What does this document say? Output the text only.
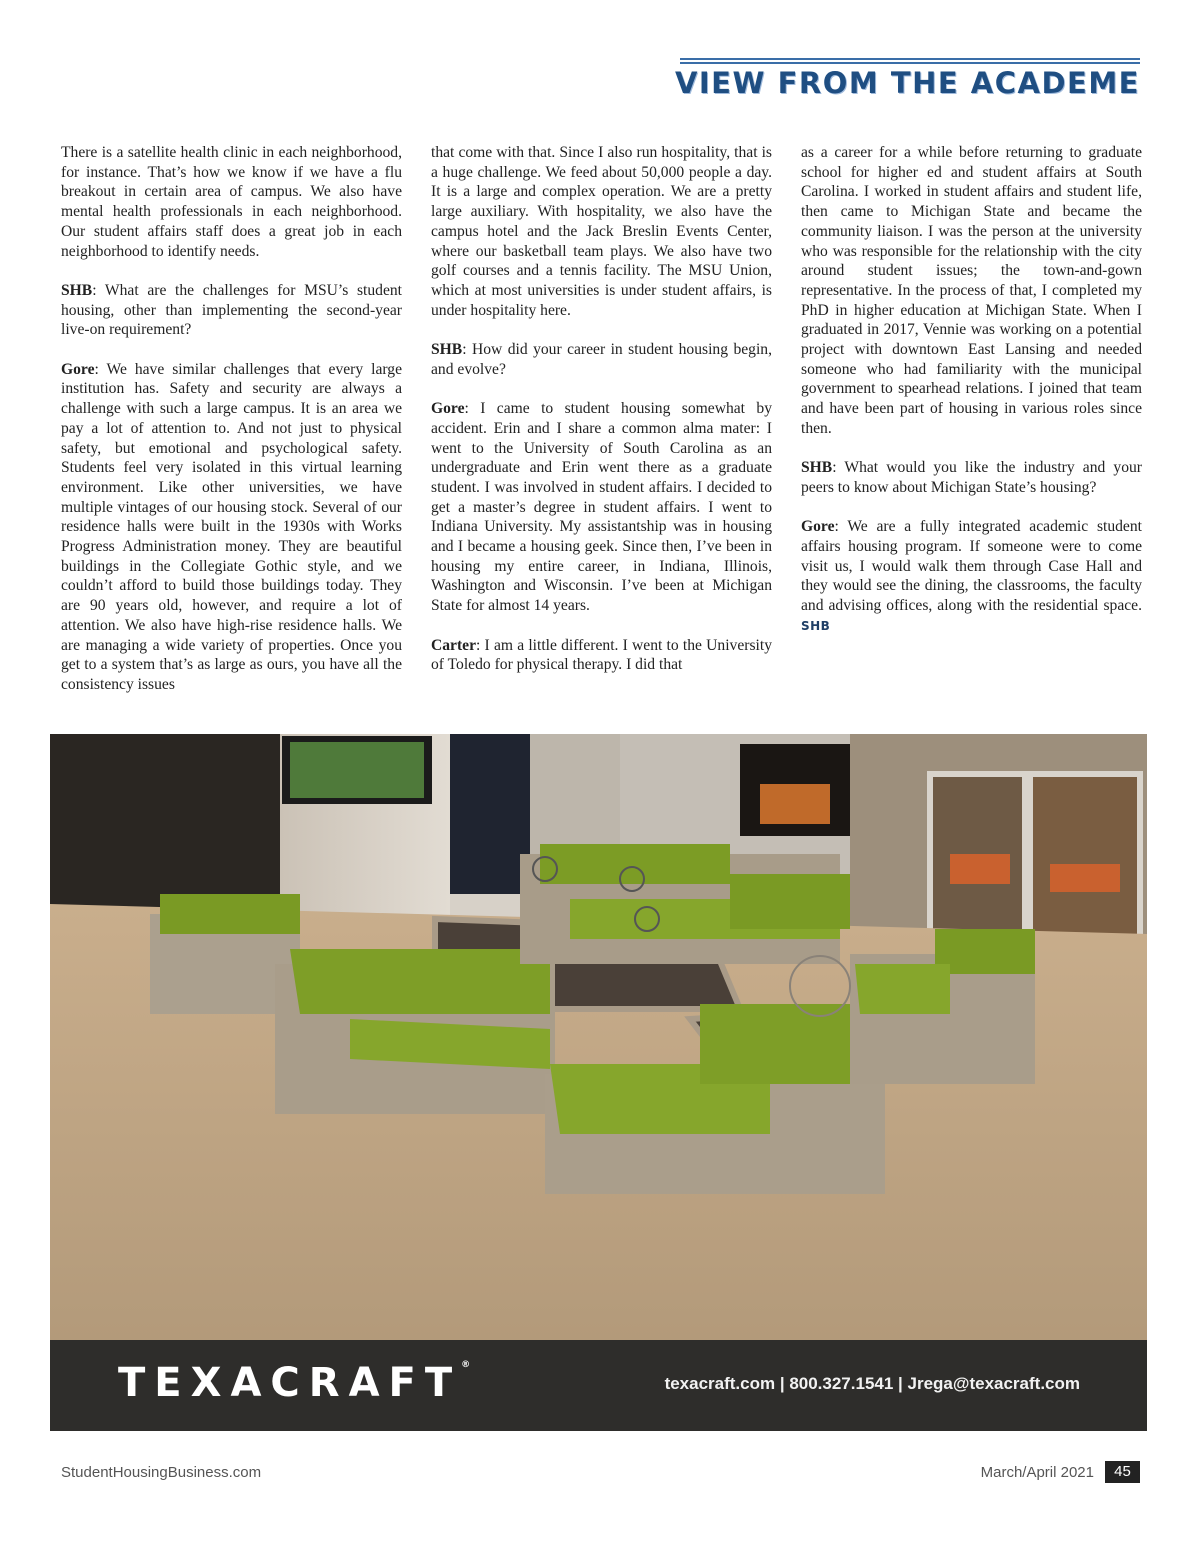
VIEW FROM THE ACADEME

There is a satellite health clinic in each neighborhood, for instance. That’s how we know if we have a flu breakout in certain area of campus. We also have mental health professionals in each neighborhood. Our student affairs staff does a great job in each neighborhood to identify needs.

SHB: What are the challenges for MSU’s student housing, other than implementing the second-year live-on requirement?

Gore: We have similar challenges that every large institution has. Safety and security are always a challenge with such a large campus. It is an area we pay a lot of attention to. And not just to physical safety, but emotional and psychological safety. Students feel very isolated in this virtual learning environment. Like other universities, we have multiple vintages of our housing stock. Several of our residence halls were built in the 1930s with Works Progress Administration money. They are beautiful buildings in the Collegiate Gothic style, and we couldn’t afford to build those buildings today. They are 90 years old, however, and require a lot of attention. We also have high-rise residence halls. We are managing a wide variety of properties. Once you get to a system that’s as large as ours, you have all the consistency issues

that come with that. Since I also run hospitality, that is a huge challenge. We feed about 50,000 people a day. It is a large and complex operation. We are a pretty large auxiliary. With hospitality, we also have the campus hotel and the Jack Breslin Events Center, where our basketball team plays. We also have two golf courses and a tennis facility. The MSU Union, which at most universities is under student affairs, is under hospitality here.

SHB: How did your career in student housing begin, and evolve?

Gore: I came to student housing somewhat by accident. Erin and I share a common alma mater: I went to the University of South Carolina as an undergraduate and Erin went there as a graduate student. I was involved in student affairs. I decided to get a master’s degree in student affairs. I went to Indiana University. My assistantship was in housing and I became a housing geek. Since then, I’ve been in housing my entire career, in Indiana, Illinois, Washington and Wisconsin. I’ve been at Michigan State for almost 14 years.

Carter: I am a little different. I went to the University of Toledo for physical therapy. I did that

as a career for a while before returning to graduate school for higher ed and student affairs at South Carolina. I worked in student affairs and student life, then came to Michigan State and became the community liaison. I was the person at the university who was responsible for the relationship with the city around student issues; the town-and-gown representative. In the process of that, I completed my PhD in higher education at Michigan State. When I graduated in 2017, Vennie was working on a potential project with downtown East Lansing and needed someone who had familiarity with the municipal government to spearhead relations. I joined that team and have been part of housing in various roles since then.

SHB: What would you like the industry and your peers to know about Michigan State’s housing?

Gore: We are a fully integrated academic student affairs housing program. If someone were to come visit us, I would walk them through Case Hall and they would see the dining, the classrooms, the faculty and advising offices, along with the residential space. SHB

TEXACRAFT®
texacraft.com | 800.327.1541 | Jrega@texacraft.com
StudentHousingBusiness.com	March/April 2021	45
